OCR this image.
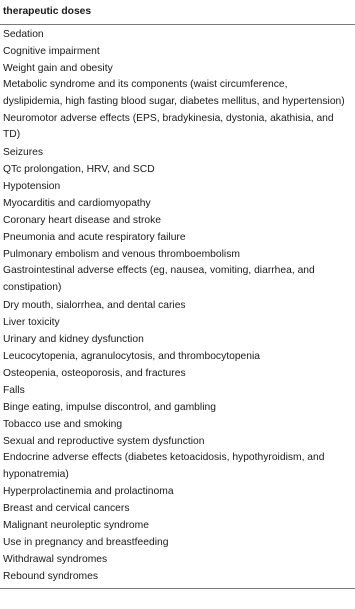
therapeutic doses
Sedation
Cognitive impairment
Weight gain and obesity
Metabolic syndrome and its components (waist circumference, dyslipidemia, high fasting blood sugar, diabetes mellitus, and hypertension)
Neuromotor adverse effects (EPS, bradykinesia, dystonia, akathisia, and TD)
Seizures
QTc prolongation, HRV, and SCD
Hypotension
Myocarditis and cardiomyopathy
Coronary heart disease and stroke
Pneumonia and acute respiratory failure
Pulmonary embolism and venous thromboembolism
Gastrointestinal adverse effects (eg, nausea, vomiting, diarrhea, and constipation)
Dry mouth, sialorrhea, and dental caries
Liver toxicity
Urinary and kidney dysfunction
Leucocytopenia, agranulocytosis, and thrombocytopenia
Osteopenia, osteoporosis, and fractures
Falls
Binge eating, impulse discontrol, and gambling
Tobacco use and smoking
Sexual and reproductive system dysfunction
Endocrine adverse effects (diabetes ketoacidosis, hypothyroidism, and hyponatremia)
Hyperprolactinemia and prolactinoma
Breast and cervical cancers
Malignant neuroleptic syndrome
Use in pregnancy and breastfeeding
Withdrawal syndromes
Rebound syndromes
